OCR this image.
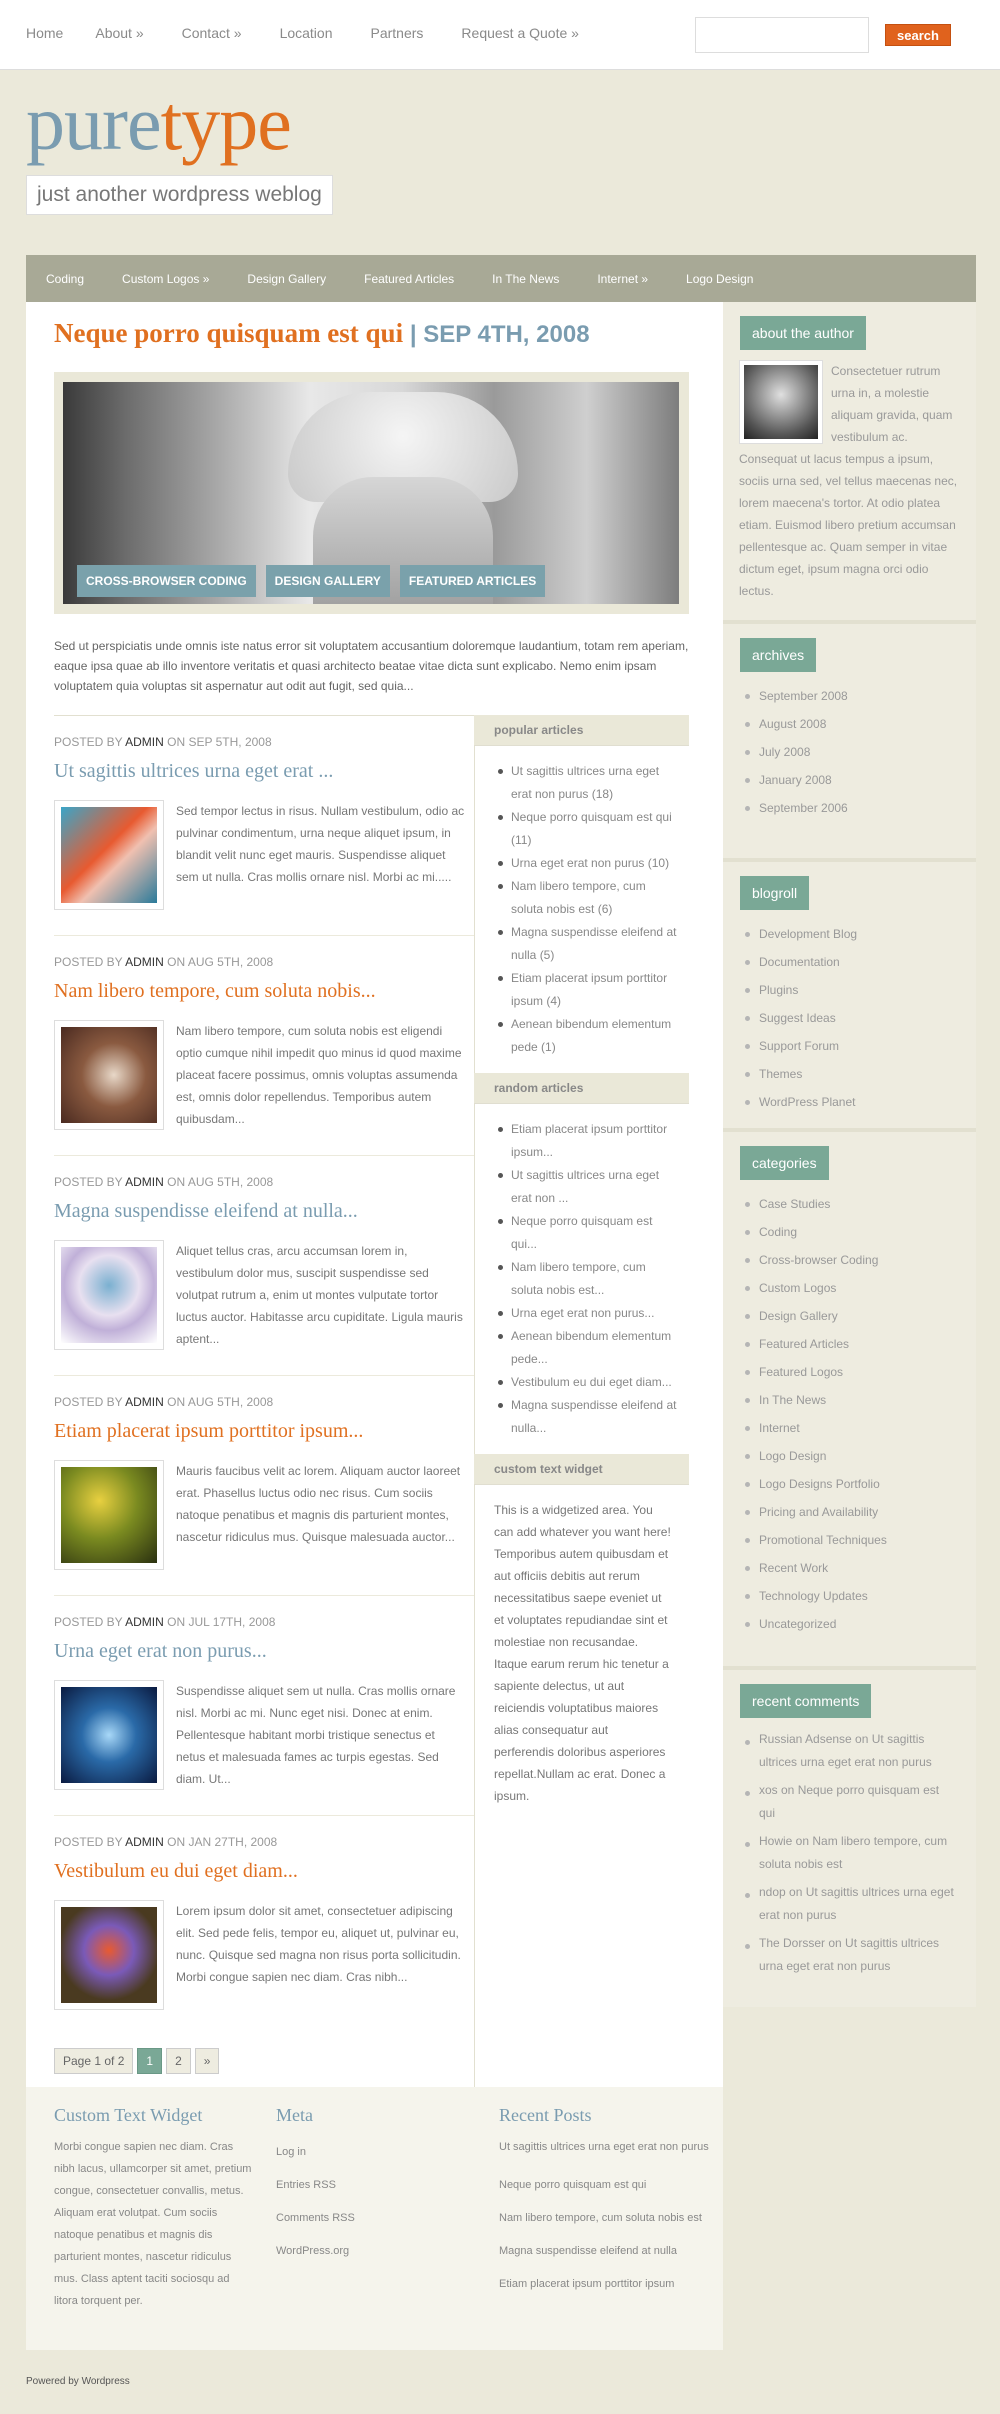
Home About »	Contact »	Location	Partners	Request a Quote »	search
puretype
just another wordpress weblog
Coding	Custom Logos »	Design Gallery	Featured Articles	In The News	Internet »	Logo Design
Neque porro quisquam est qui | SEP 4TH, 2008
CROSS-BROWSER CODING	DESIGN GALLERY	FEATURED ARTICLES

Sed ut perspiciatis unde omnis iste natus error sit voluptatem accusantium doloremque laudantium, totam rem aperiam, eaque ipsa quae ab illo inventore veritatis et quasi architecto beatae vitae dicta sunt explicabo. Nemo enim ipsam voluptatem quia voluptas sit aspernatur aut odit aut fugit, sed quia...

POSTED BY ADMIN ON SEP 5TH, 2008
Ut sagittis ultrices urna eget erat ...

Sed tempor lectus in risus. Nullam vestibulum, odio ac pulvinar condimentum, urna neque aliquet ipsum, in blandit velit nunc eget mauris. Suspendisse aliquet sem ut nulla. Cras mollis ornare nisl. Morbi ac mi.....

POSTED BY ADMIN ON AUG 5TH, 2008
Nam libero tempore, cum soluta nobis...

Nam libero tempore, cum soluta nobis est eligendi optio cumque nihil impedit quo minus id quod maxime placeat facere possimus, omnis voluptas assumenda est, omnis dolor repellendus. Temporibus autem quibusdam...

POSTED BY ADMIN ON AUG 5TH, 2008
Magna suspendisse eleifend at nulla...

Aliquet tellus cras, arcu accumsan lorem in, vestibulum dolor mus, suscipit suspendisse sed volutpat rutrum a, enim ut montes vulputate tortor luctus auctor. Habitasse arcu cupiditate. Ligula mauris aptent...

POSTED BY ADMIN ON AUG 5TH, 2008
Etiam placerat ipsum porttitor ipsum...

Mauris faucibus velit ac lorem. Aliquam auctor laoreet erat. Phasellus luctus odio nec risus. Cum sociis natoque penatibus et magnis dis parturient montes, nascetur ridiculus mus. Quisque malesuada auctor...

POSTED BY ADMIN ON JUL 17TH, 2008
Urna eget erat non purus...

Suspendisse aliquet sem ut nulla. Cras mollis ornare nisl. Morbi ac mi. Nunc eget nisi. Donec at enim. Pellentesque habitant morbi tristique senectus et netus et malesuada fames ac turpis egestas. Sed diam. Ut...

POSTED BY ADMIN ON JAN 27TH, 2008
Vestibulum eu dui eget diam...

Lorem ipsum dolor sit amet, consectetuer adipiscing elit. Sed pede felis, tempor eu, aliquet ut, pulvinar eu, nunc. Quisque sed magna non risus porta sollicitudin. Morbi congue sapien nec diam. Cras nibh...

Page 1 of 2	1	2	»
popular articles
Ut sagittis ultrices urna eget erat non purus (18)
Neque porro quisquam est qui (11)
Urna eget erat non purus (10)
Nam libero tempore, cum soluta nobis est (6)
Magna suspendisse eleifend at nulla (5)
Etiam placerat ipsum porttitor ipsum (4)
Aenean bibendum elementum pede (1)
random articles
Etiam placerat ipsum porttitor ipsum...
Ut sagittis ultrices urna eget erat non ...
Neque porro quisquam est qui...
Nam libero tempore, cum soluta nobis est...
Urna eget erat non purus...
Aenean bibendum elementum pede...
Vestibulum eu dui eget diam...
Magna suspendisse eleifend at nulla...
custom text widget

This is a widgetized area. You can add whatever you want here! Temporibus autem quibusdam et aut officiis debitis aut rerum necessitatibus saepe eveniet ut et voluptates repudiandae sint et molestiae non recusandae. Itaque earum rerum hic tenetur a sapiente delectus, ut aut reiciendis voluptatibus maiores alias consequatur aut perferendis doloribus asperiores repellat.Nullam ac erat. Donec a ipsum.

about the author
Consectetuer rutrum urna in, a molestie aliquam gravida, quam vestibulum ac. Consequat ut lacus tempus a ipsum, sociis urna sed, vel tellus maecenas nec, lorem maecena's tortor. At odio platea etiam. Euismod libero pretium accumsan pellentesque ac. Quam semper in vitae dictum eget, ipsum magna orci odio lectus.
archives
September 2008
August 2008
July 2008
January 2008
September 2006
blogroll
Development Blog
Documentation
Plugins
Suggest Ideas
Support Forum
Themes
WordPress Planet
categories
Case Studies
Coding
Cross-browser Coding
Custom Logos
Design Gallery
Featured Articles
Featured Logos
In The News
Internet
Logo Design
Logo Designs Portfolio
Pricing and Availability
Promotional Techniques
Recent Work
Technology Updates
Uncategorized
recent comments
Russian Adsense on Ut sagittis ultrices urna eget erat non purus
xos on Neque porro quisquam est qui
Howie on Nam libero tempore, cum soluta nobis est
ndop on Ut sagittis ultrices urna eget erat non purus
The Dorsser on Ut sagittis ultrices urna eget erat non purus
Custom Text Widget

Morbi congue sapien nec diam. Cras nibh lacus, ullamcorper sit amet, pretium congue, consectetuer convallis, metus. Aliquam erat volutpat. Cum sociis natoque penatibus et magnis dis parturient montes, nascetur ridiculus mus. Class aptent taciti sociosqu ad litora torquent per.

Meta
Log in
Entries RSS
Comments RSS
WordPress.org
Recent Posts
Ut sagittis ultrices urna eget erat non purus
Neque porro quisquam est qui
Nam libero tempore, cum soluta nobis est
Magna suspendisse eleifend at nulla
Etiam placerat ipsum porttitor ipsum
Powered by Wordpress
